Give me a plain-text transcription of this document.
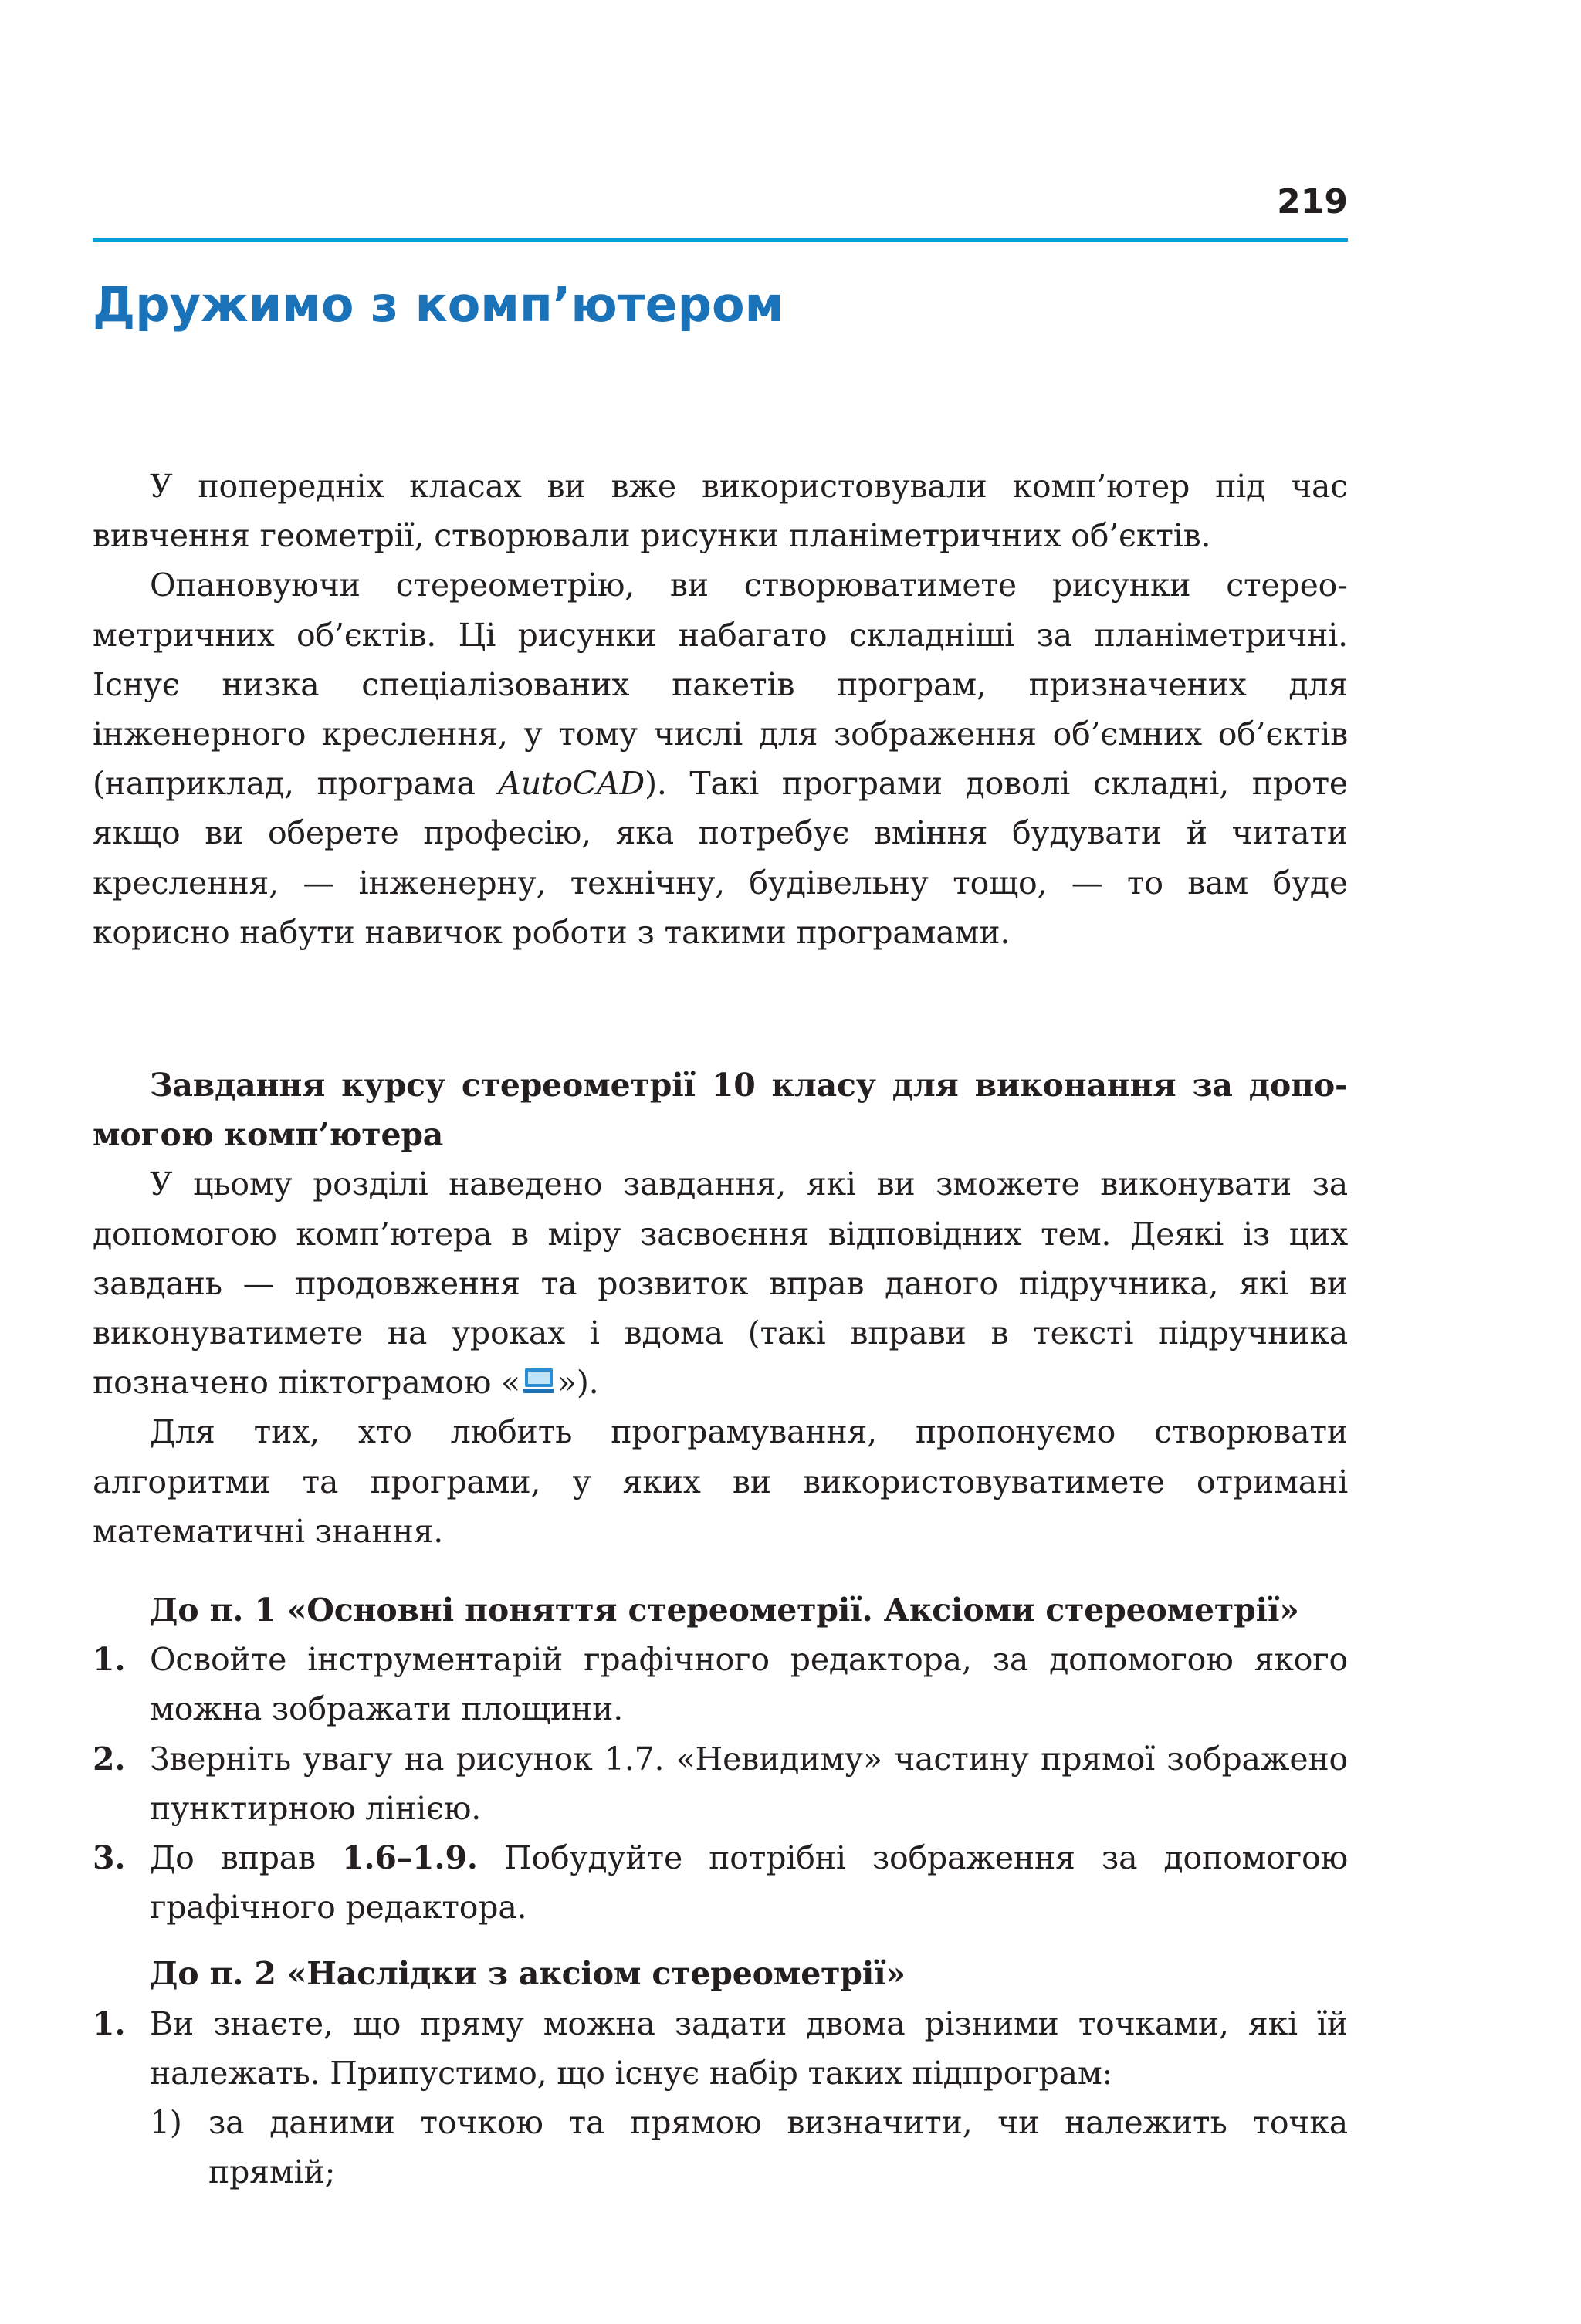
219
Дружимо з комп’ютером

У попередніх класах ви вже використовували комп’ютер під час вивчення геометрії, створювали рисунки планіметричних об’єктів.

Опановуючи стереометрію, ви створюватимете рисунки стереометричних об’єктів. Ці рисунки набагато складніші за планіметричні. Існує низка спеціалізованих пакетів програм, призначених для інженерного креслення, у тому числі для зображення об’ємних об’єктів (наприклад, програма AutoCAD). Такі програми доволі складні, проте якщо ви оберете професію, яка потребує вміння будувати й читати креслення, — інженерну, технічну, будівельну тощо, — то вам буде корисно набути навичок роботи з такими програмами.

Завдання курсу стереометрії 10 класу для виконання за допомогою комп’ютера

У цьому розділі наведено завдання, які ви зможете виконувати за допомогою комп’ютера в міру засвоєння відповідних тем. Деякі із цих завдань — продовження та розвиток вправ даного підручника, які ви виконуватимете на уроках і вдома (такі вправи в тексті підручника позначено піктограмою « »).

Для тих, хто любить програмування, пропонуємо створювати алгоритми та програми, у яких ви використовуватимете отримані математичні знання.

До п. 1 «Основні поняття стереометрії. Аксіоми стереометрії»

1. Освойте інструментарій графічного редактора, за допомогою якого можна зображати площини.
2. Зверніть увагу на рисунок 1.7. «Невидиму» частину прямої зображено пунктирною лінією.
3. До вправ 1.6–1.9. Побудуйте потрібні зображення за допомогою графічного редактора.

До п. 2 «Наслідки з аксіом стереометрії»

1. Ви знаєте, що пряму можна задати двома різними точками, які їй належать. Припустимо, що існує набір таких підпрограм:
1) за даними точкою та прямою визначити, чи належить точка прямій;
